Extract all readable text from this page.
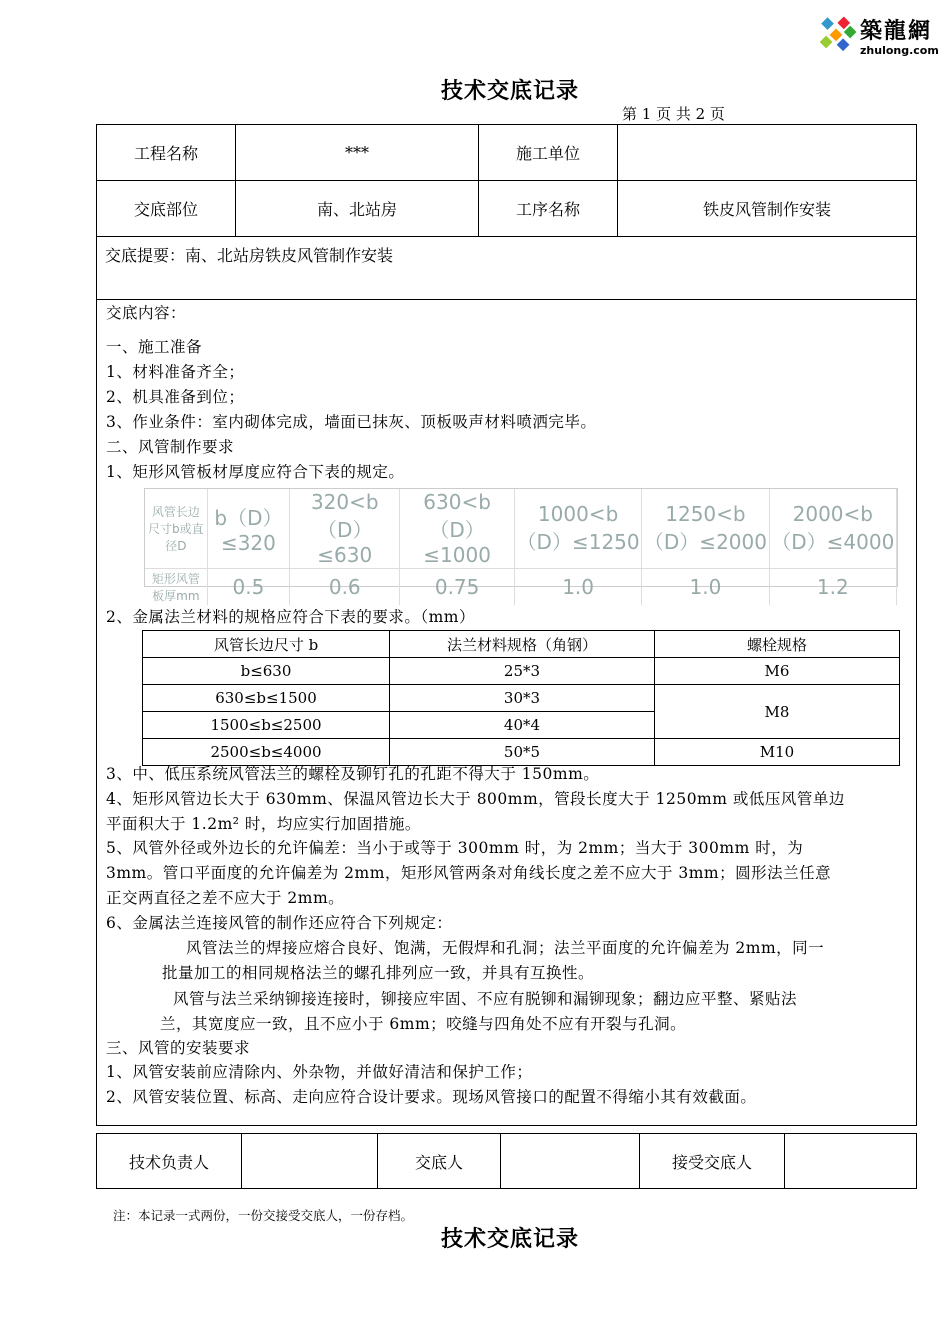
築龍網
zhulong.com
技术交底记录
第 1 页 共 2 页
工程名称	***	施工单位	
交底部位	南、北站房	工序名称	铁皮风管制作安装
交底提要：南、北站房铁皮风管制作安装			

交底内容：
一、施工准备
1、材料准备齐全；
2、机具准备到位；
3、作业条件：室内砌体完成，墙面已抹灰、顶板吸声材料喷洒完毕。
二、风管制作要求
1、矩形风管板材厚度应符合下表的规定。
风管长边尺寸b或直径D	b（D）≤320	320<b（D）≤630	630<b（D）≤1000	1000<b（D）≤1250	1250<b（D）≤2000	2000<b（D）≤4000
矩形风管板厚mm	0.5	0.6	0.75	1.0	1.0	1.2
2、金属法兰材料的规格应符合下表的要求。（mm）
风管长边尺寸 b	法兰材料规格（角钢）	螺栓规格
b≤630	25*3	M6
630≤b≤1500	30*3	M8
1500≤b≤2500	40*4	
2500≤b≤4000	50*5	M10
3、中、低压系统风管法兰的螺栓及铆钉孔的孔距不得大于 150mm。
4、矩形风管边长大于 630mm、保温风管边长大于 800mm，管段长度大于 1250mm 或低压风管单边
平面积大于 1.2m² 时，均应实行加固措施。
5、风管外径或外边长的允许偏差：当小于或等于 300mm 时，为 2mm；当大于 300mm 时，为
3mm。管口平面度的允许偏差为 2mm，矩形风管两条对角线长度之差不应大于 3mm；圆形法兰任意
正交两直径之差不应大于 2mm。
6、金属法兰连接风管的制作还应符合下列规定：
风管法兰的焊接应熔合良好、饱满，无假焊和孔洞；法兰平面度的允许偏差为 2mm，同一
批量加工的相同规格法兰的螺孔排列应一致，并具有互换性。
风管与法兰采纳铆接连接时，铆接应牢固、不应有脱铆和漏铆现象；翻边应平整、紧贴法
兰，其宽度应一致，且不应小于 6mm；咬缝与四角处不应有开裂与孔洞。
三、风管的安装要求
1、风管安装前应清除内、外杂物，并做好清洁和保护工作；
2、风管安装位置、标高、走向应符合设计要求。现场风管接口的配置不得缩小其有效截面。
技术负责人		交底人		接受交底人	
注：本记录一式两份，一份交接受交底人，一份存档。
技术交底记录
